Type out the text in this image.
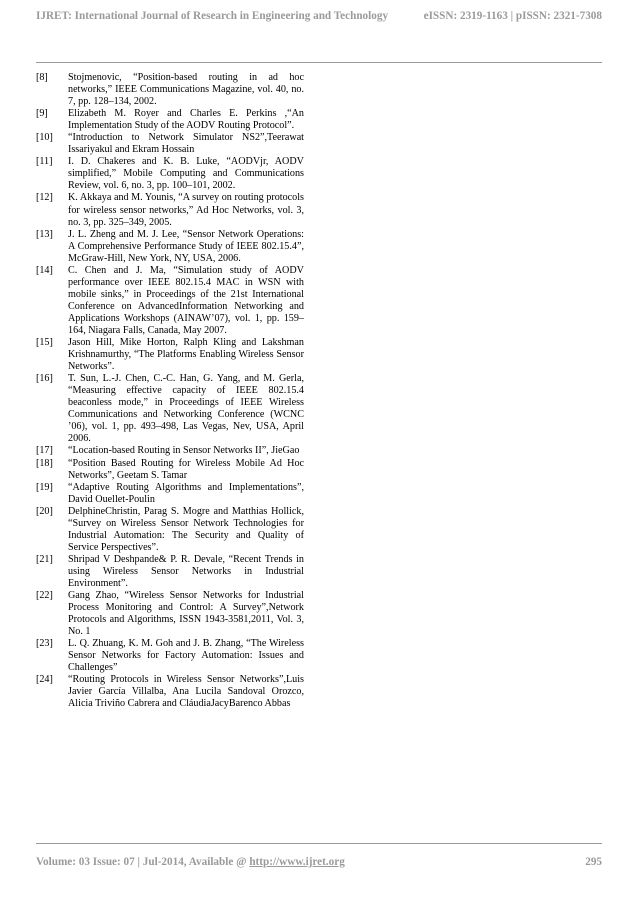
IJRET: International Journal of Research in Engineering and Technology	eISSN: 2319-1163 | pISSN: 2321-7308
[8]	Stojmenovic, “Position-based routing in ad hoc networks,” IEEE Communications Magazine, vol. 40, no. 7, pp. 128–134, 2002.
[9]	Elizabeth M. Royer and Charles E. Perkins ,“An Implementation Study of the AODV Routing Protocol”.
[10]	“Introduction to Network Simulator NS2”,Teerawat Issariyakul and Ekram Hossain
[11]	I. D. Chakeres and K. B. Luke, “AODVjr, AODV simplified,” Mobile Computing and Communications Review, vol. 6, no. 3, pp. 100–101, 2002.
[12]	K. Akkaya and M. Younis, “A survey on routing protocols for wireless sensor networks,” Ad Hoc Networks, vol. 3, no. 3, pp. 325–349, 2005.
[13]	J. L. Zheng and M. J. Lee, “Sensor Network Operations: A Comprehensive Performance Study of IEEE 802.15.4”, McGraw-Hill, New York, NY, USA, 2006.
[14]	C. Chen and J. Ma, “Simulation study of AODV performance over IEEE 802.15.4 MAC in WSN with mobile sinks,” in Proceedings of the 21st International Conference on AdvancedInformation Networking and Applications Workshops (AINAW’07), vol. 1, pp. 159–164, Niagara Falls, Canada, May 2007.
[15]	Jason Hill, Mike Horton, Ralph Kling and Lakshman Krishnamurthy, “The Platforms Enabling Wireless Sensor Networks”.
[16]	T. Sun, L.-J. Chen, C.-C. Han, G. Yang, and M. Gerla, “Measuring effective capacity of IEEE 802.15.4 beaconless mode,” in Proceedings of IEEE Wireless Communications and Networking Conference (WCNC ’06), vol. 1, pp. 493–498, Las Vegas, Nev, USA, April 2006.
[17]	“Location-based Routing in Sensor Networks II”, JieGao
[18]	“Position Based Routing for Wireless Mobile Ad Hoc Networks”, Geetam S. Tamar
[19]	“Adaptive Routing Algorithms and Implementations”, David Ouellet-Poulin
[20]	DelphineChristin, Parag S. Mogre and Matthias Hollick, “Survey on Wireless Sensor Network Technologies for Industrial Automation: The Security and Quality of Service Perspectives”.
[21]	Shripad V Deshpande& P. R. Devale, “Recent Trends in using Wireless Sensor Networks in Industrial Environment”.
[22]	Gang Zhao, “Wireless Sensor Networks for Industrial Process Monitoring and Control: A Survey”,Network Protocols and Algorithms, ISSN 1943-3581,2011, Vol. 3, No. 1
[23]	L. Q. Zhuang, K. M. Goh and J. B. Zhang, “The Wireless Sensor Networks for Factory Automation: Issues and Challenges”
[24]	“Routing Protocols in Wireless Sensor Networks”,Luis Javier García Villalba, Ana Lucila Sandoval Orozco, Alicia Triviño Cabrera and CláudiaJacyBarenco Abbas
Volume: 03 Issue: 07 | Jul-2014, Available @ http://www.ijret.org	295
